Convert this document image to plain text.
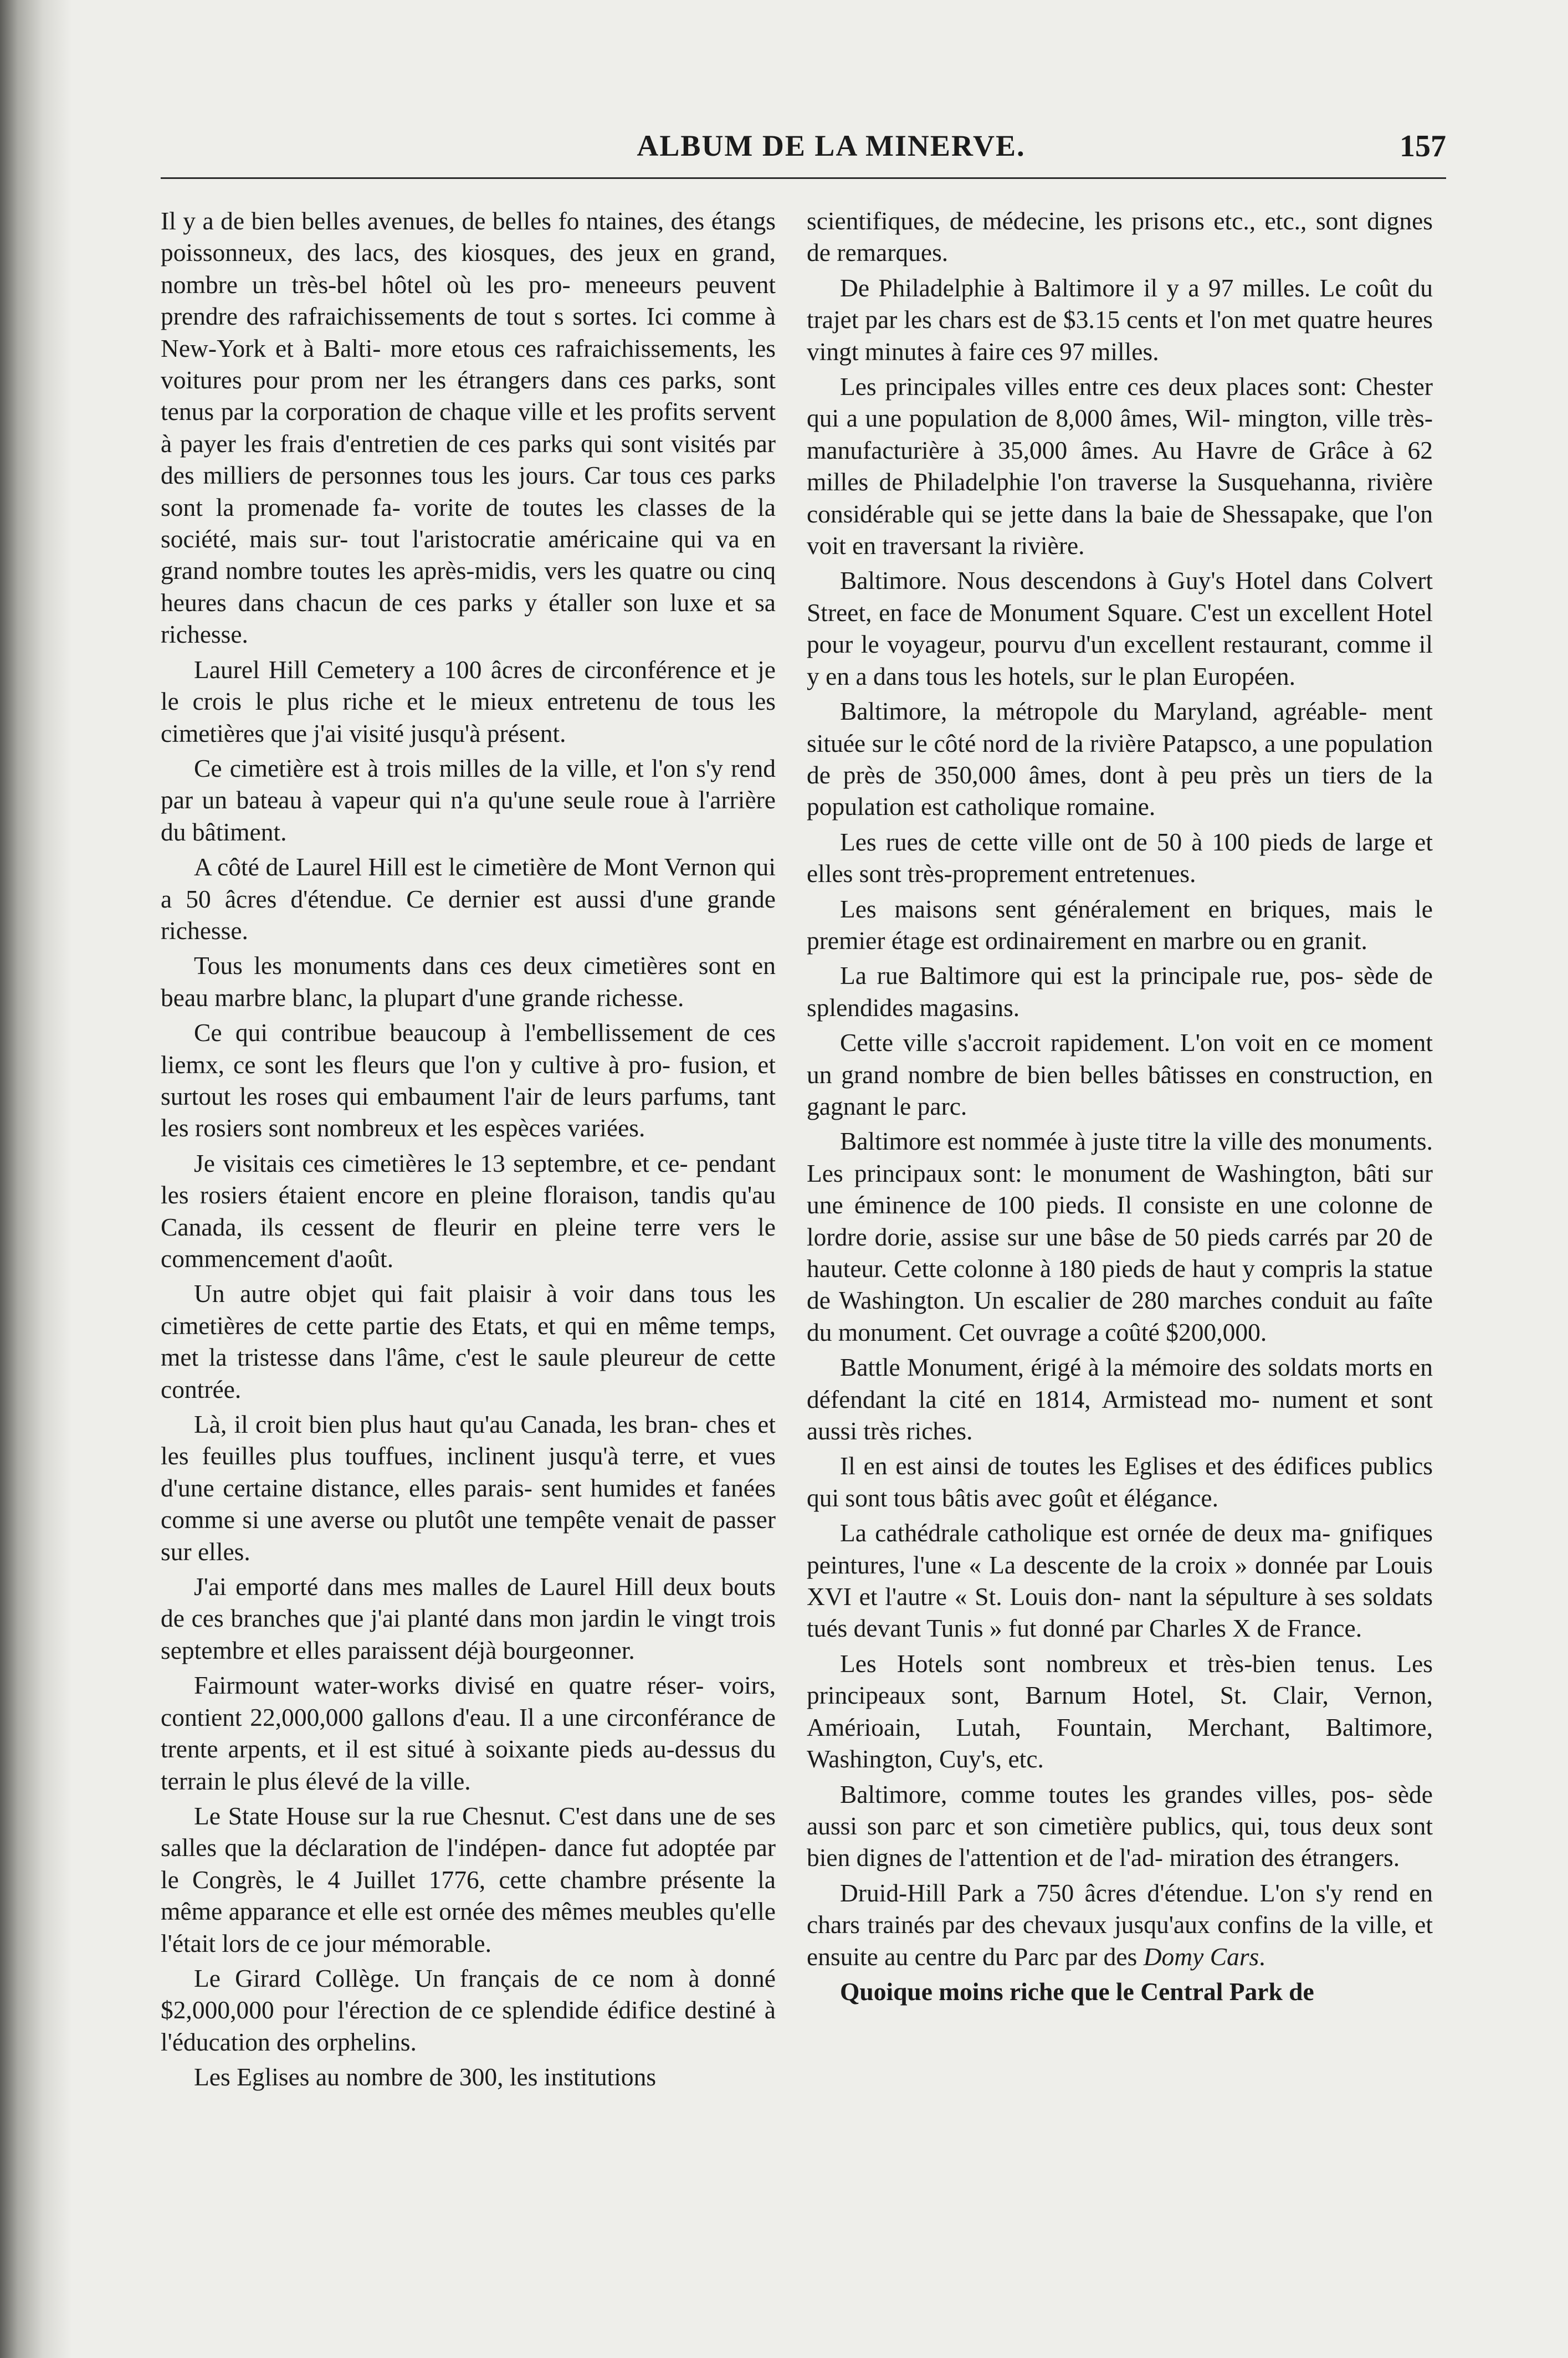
ALBUM DE LA MINERVE.	157

Il y a de bien belles avenues, de belles fo ntaines, des étangs poissonneux, des lacs, des kiosques, des jeux en grand, nombre un très-bel hôtel où les pro- meneeurs peuvent prendre des rafraichissements de tout s sortes. Ici comme à New-York et à Balti- more etous ces rafraichissements, les voitures pour prom ner les étrangers dans ces parks, sont tenus par la corporation de chaque ville et les profits servent à payer les frais d'entretien de ces parks qui sont visités par des milliers de personnes tous les jours. Car tous ces parks sont la promenade fa- vorite de toutes les classes de la société, mais sur- tout l'aristocratie américaine qui va en grand nombre toutes les après-midis, vers les quatre ou cinq heures dans chacun de ces parks y étaller son luxe et sa richesse.

Laurel Hill Cemetery a 100 âcres de circonférence et je le crois le plus riche et le mieux entretenu de tous les cimetières que j'ai visité jusqu'à présent.

Ce cimetière est à trois milles de la ville, et l'on s'y rend par un bateau à vapeur qui n'a qu'une seule roue à l'arrière du bâtiment.

A côté de Laurel Hill est le cimetière de Mont Vernon qui a 50 âcres d'étendue. Ce dernier est aussi d'une grande richesse.

Tous les monuments dans ces deux cimetières sont en beau marbre blanc, la plupart d'une grande richesse.

Ce qui contribue beaucoup à l'embellissement de ces liemx, ce sont les fleurs que l'on y cultive à pro- fusion, et surtout les roses qui embaument l'air de leurs parfums, tant les rosiers sont nombreux et les espèces variées.

Je visitais ces cimetières le 13 septembre, et ce- pendant les rosiers étaient encore en pleine floraison, tandis qu'au Canada, ils cessent de fleurir en pleine terre vers le commencement d'août.

Un autre objet qui fait plaisir à voir dans tous les cimetières de cette partie des Etats, et qui en même temps, met la tristesse dans l'âme, c'est le saule pleureur de cette contrée.

Là, il croit bien plus haut qu'au Canada, les bran- ches et les feuilles plus touffues, inclinent jusqu'à terre, et vues d'une certaine distance, elles parais- sent humides et fanées comme si une averse ou plutôt une tempête venait de passer sur elles.

J'ai emporté dans mes malles de Laurel Hill deux bouts de ces branches que j'ai planté dans mon jardin le vingt trois septembre et elles paraissent déjà bourgeonner.

Fairmount water-works divisé en quatre réser- voirs, contient 22,000,000 gallons d'eau. Il a une circonférance de trente arpents, et il est situé à soixante pieds au-dessus du terrain le plus élevé de la ville.

Le State House sur la rue Chesnut. C'est dans une de ses salles que la déclaration de l'indépen- dance fut adoptée par le Congrès, le 4 Juillet 1776, cette chambre présente la même apparance et elle est ornée des mêmes meubles qu'elle l'était lors de ce jour mémorable.

Le Girard Collège. Un français de ce nom à donné $2,000,000 pour l'érection de ce splendide édifice destiné à l'éducation des orphelins.

Les Eglises au nombre de 300, les institutions

scientifiques, de médecine, les prisons etc., etc., sont dignes de remarques.

De Philadelphie à Baltimore il y a 97 milles. Le coût du trajet par les chars est de $3.15 cents et l'on met quatre heures vingt minutes à faire ces 97 milles.

Les principales villes entre ces deux places sont: Chester qui a une population de 8,000 âmes, Wil- mington, ville très-manufacturière à 35,000 âmes. Au Havre de Grâce à 62 milles de Philadelphie l'on traverse la Susquehanna, rivière considérable qui se jette dans la baie de Shessapake, que l'on voit en traversant la rivière.

Baltimore. Nous descendons à Guy's Hotel dans Colvert Street, en face de Monument Square. C'est un excellent Hotel pour le voyageur, pourvu d'un excellent restaurant, comme il y en a dans tous les hotels, sur le plan Européen.

Baltimore, la métropole du Maryland, agréable- ment située sur le côté nord de la rivière Patapsco, a une population de près de 350,000 âmes, dont à peu près un tiers de la population est catholique romaine.

Les rues de cette ville ont de 50 à 100 pieds de large et elles sont très-proprement entretenues.

Les maisons sent généralement en briques, mais le premier étage est ordinairement en marbre ou en granit.

La rue Baltimore qui est la principale rue, pos- sède de splendides magasins.

Cette ville s'accroit rapidement. L'on voit en ce moment un grand nombre de bien belles bâtisses en construction, en gagnant le parc.

Baltimore est nommée à juste titre la ville des monuments. Les principaux sont: le monument de Washington, bâti sur une éminence de 100 pieds. Il consiste en une colonne de lordre dorie, assise sur une bâse de 50 pieds carrés par 20 de hauteur. Cette colonne à 180 pieds de haut y compris la statue de Washington. Un escalier de 280 marches conduit au faîte du monument. Cet ouvrage a coûté $200,000.

Battle Monument, érigé à la mémoire des soldats morts en défendant la cité en 1814, Armistead mo- nument et sont aussi très riches.

Il en est ainsi de toutes les Eglises et des édifices publics qui sont tous bâtis avec goût et élégance.

La cathédrale catholique est ornée de deux ma- gnifiques peintures, l'une « La descente de la croix » donnée par Louis XVI et l'autre « St. Louis don- nant la sépulture à ses soldats tués devant Tunis » fut donné par Charles X de France.

Les Hotels sont nombreux et très-bien tenus. Les principeaux sont, Barnum Hotel, St. Clair, Vernon, Amérioain, Lutah, Fountain, Merchant, Baltimore, Washington, Cuy's, etc.

Baltimore, comme toutes les grandes villes, pos- sède aussi son parc et son cimetière publics, qui, tous deux sont bien dignes de l'attention et de l'ad- miration des étrangers.

Druid-Hill Park a 750 âcres d'étendue. L'on s'y rend en chars trainés par des chevaux jusqu'aux confins de la ville, et ensuite au centre du Parc par des Domy Cars.

Quoique moins riche que le Central Park de
